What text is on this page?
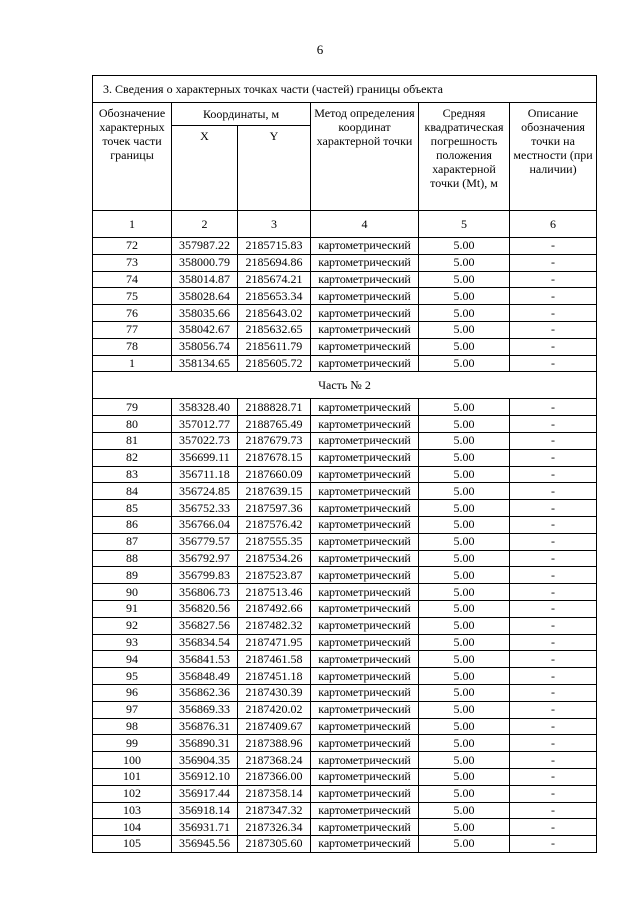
6
3. Сведения о характерных точках части (частей) границы объекта					
Обозначение характерных точек части границы	Координаты, м		Метод определения координат характерной точки	Средняя квадратическая погрешность положения характерной точки (Mt), м	Описание обозначения точки на местности (при наличии)
	X	Y			
1	2	3	4	5	6
72	357987.22	2185715.83	картометрический	5.00	-
73	358000.79	2185694.86	картометрический	5.00	-
74	358014.87	2185674.21	картометрический	5.00	-
75	358028.64	2185653.34	картометрический	5.00	-
76	358035.66	2185643.02	картометрический	5.00	-
77	358042.67	2185632.65	картометрический	5.00	-
78	358056.74	2185611.79	картометрический	5.00	-
1	358134.65	2185605.72	картометрический	5.00	-
Часть № 2					
79	358328.40	2188828.71	картометрический	5.00	-
80	357012.77	2188765.49	картометрический	5.00	-
81	357022.73	2187679.73	картометрический	5.00	-
82	356699.11	2187678.15	картометрический	5.00	-
83	356711.18	2187660.09	картометрический	5.00	-
84	356724.85	2187639.15	картометрический	5.00	-
85	356752.33	2187597.36	картометрический	5.00	-
86	356766.04	2187576.42	картометрический	5.00	-
87	356779.57	2187555.35	картометрический	5.00	-
88	356792.97	2187534.26	картометрический	5.00	-
89	356799.83	2187523.87	картометрический	5.00	-
90	356806.73	2187513.46	картометрический	5.00	-
91	356820.56	2187492.66	картометрический	5.00	-
92	356827.56	2187482.32	картометрический	5.00	-
93	356834.54	2187471.95	картометрический	5.00	-
94	356841.53	2187461.58	картометрический	5.00	-
95	356848.49	2187451.18	картометрический	5.00	-
96	356862.36	2187430.39	картометрический	5.00	-
97	356869.33	2187420.02	картометрический	5.00	-
98	356876.31	2187409.67	картометрический	5.00	-
99	356890.31	2187388.96	картометрический	5.00	-
100	356904.35	2187368.24	картометрический	5.00	-
101	356912.10	2187366.00	картометрический	5.00	-
102	356917.44	2187358.14	картометрический	5.00	-
103	356918.14	2187347.32	картометрический	5.00	-
104	356931.71	2187326.34	картометрический	5.00	-
105	356945.56	2187305.60	картометрический	5.00	-
